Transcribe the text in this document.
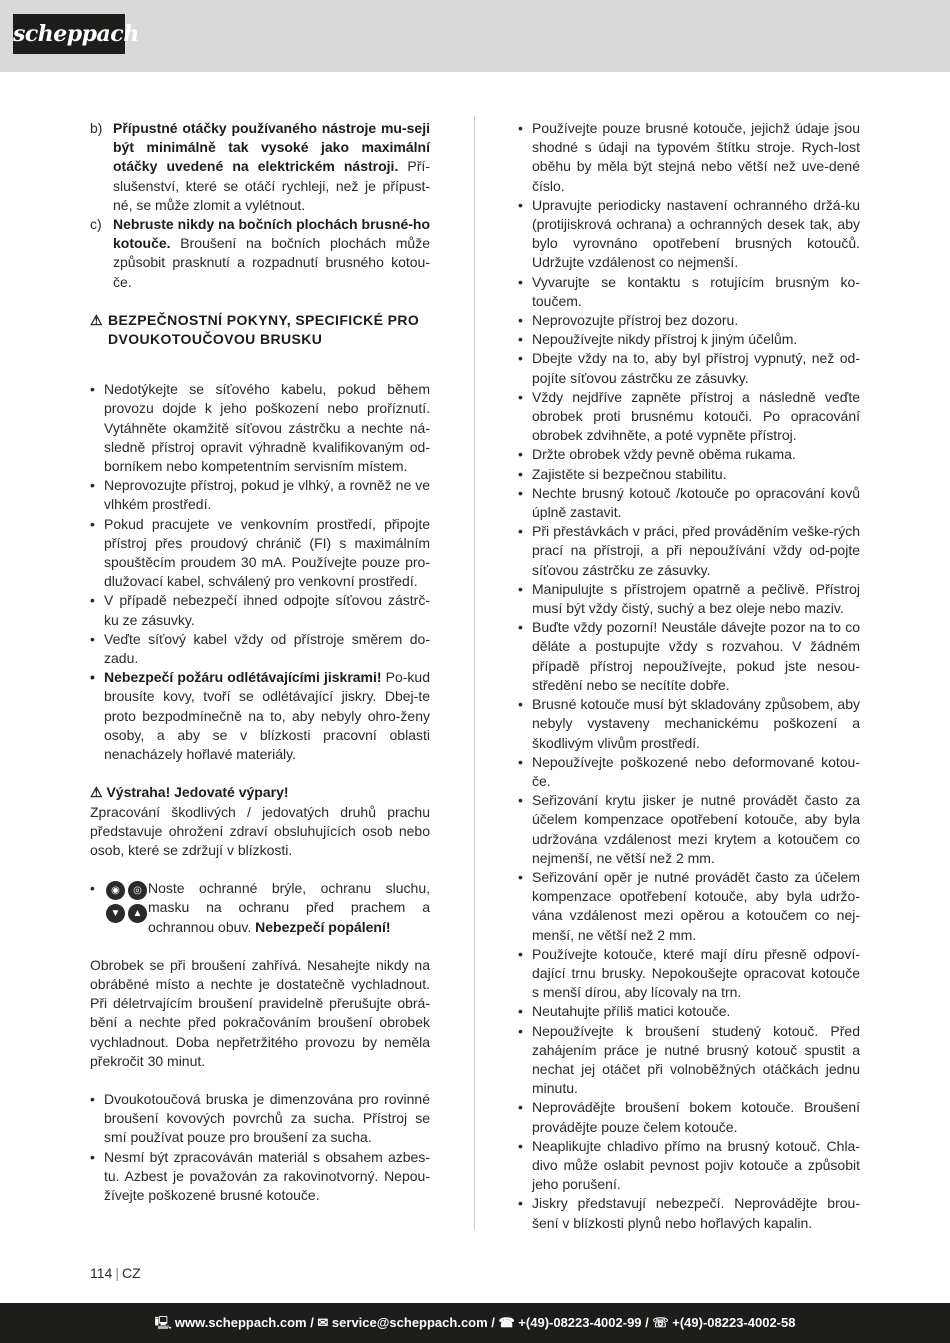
scheppach

b) Přípustné otáčky používaného nástroje mu-seji být minimálně tak vysoké jako maximální otáčky uvedené na elektrickém nástroji. Pří-slušenství, které se otáčí rychleji, než je přípust-né, se může zlomit a vylétnout.

c) Nebruste nikdy na bočních plochách brusné-ho kotouče. Broušení na bočních plochách může způsobit prasknutí a rozpadnutí brusného kotou-če.

⚠ BEZPEČNOSTNÍ POKYNY, SPECIFICKÉ PRO DVOUKOTOUČOVOU BRUSKU

• Nedotýkejte se síťového kabelu, pokud během provozu dojde k jeho poškození nebo proříznutí. Vytáhněte okamžitě síťovou zástrčku a nechte ná-sledně přístroj opravit výhradně kvalifikovaným od-borníkem nebo kompetentním servisním místem.

• Neprovozujte přístroj, pokud je vlhký, a rovněž ne ve vlhkém prostředí.

• Pokud pracujete ve venkovním prostředí, připojte přístroj přes proudový chránič (FI) s maximálním spouštěcím proudem 30 mA. Používejte pouze pro-dlužovací kabel, schválený pro venkovní prostředí.

• V případě nebezpečí ihned odpojte síťovou zástrč-ku ze zásuvky.

• Veďte síťový kabel vždy od přístroje směrem do-zadu.

• Nebezpečí požáru odlétávajícími jiskrami! Po-kud brousíte kovy, tvoří se odlétávající jiskry. Dbej-te proto bezpodmínečně na to, aby nebyly ohro-ženy osoby, a aby se v blízkosti pracovní oblasti nenacházely hořlavé materiály.

⚠ Výstraha! Jedovaté výpary!

Zpracování škodlivých / jedovatých druhů prachu představuje ohrožení zdraví obsluhujících osob nebo osob, které se zdržují v blízkosti.

•	◉	◎
▼	▲
Noste ochranné brýle, ochranu sluchu, masku na ochranu před prachem a ochrannou obuv. Nebezpečí popálení!

Obrobek se při broušení zahřívá. Nesahejte nikdy na obráběné místo a nechte je dostatečně vychladnout. Při déletrvajícím broušení pravidelně přerušujte obrá-bění a nechte před pokračováním broušení obrobek vychladnout. Doba nepřetržitého provozu by neměla překročit 30 minut.

• Dvoukotoučová bruska je dimenzována pro rovinné broušení kovových povrchů za sucha. Přístroj se smí používat pouze pro broušení za sucha.

• Nesmí být zpracováván materiál s obsahem azbes-tu. Azbest je považován za rakovinotvorný. Nepou-žívejte poškozené brusné kotouče.

• Používejte pouze brusné kotouče, jejichž údaje jsou shodné s údaji na typovém štítku stroje. Rych-lost oběhu by měla být stejná nebo větší než uve-dené číslo.

• Upravujte periodicky nastavení ochranného držá-ku (protijiskrová ochrana) a ochranných desek tak, aby bylo vyrovnáno opotřebení brusných kotoučů. Udržujte vzdálenost co nejmenší.

• Vyvarujte se kontaktu s rotujícím brusným ko-toučem.

• Neprovozujte přístroj bez dozoru.

• Nepoužívejte nikdy přístroj k jiným účelům.

• Dbejte vždy na to, aby byl přístroj vypnutý, než od-pojíte síťovou zástrčku ze zásuvky.

• Vždy nejdříve zapněte přístroj a následně veďte obrobek proti brusnému kotouči. Po opracování obrobek zdvihněte, a poté vypněte přístroj.

• Držte obrobek vždy pevně oběma rukama.

• Zajistěte si bezpečnou stabilitu.

• Nechte brusný kotouč /kotouče po opracování kovů úplně zastavit.

• Při přestávkách v práci, před prováděním veške-rých prací na přístroji, a při nepoužívání vždy od-pojte síťovou zástrčku ze zásuvky.

• Manipulujte s přístrojem opatrně a pečlivě. Přístroj musí být vždy čistý, suchý a bez oleje nebo maziv.

• Buďte vždy pozorní! Neustále dávejte pozor na to co děláte a postupujte vždy s rozvahou. V žádném případě přístroj nepoužívejte, pokud jste nesou-středění nebo se necítíte dobře.

• Brusné kotouče musí být skladovány způsobem, aby nebyly vystaveny mechanickému poškození a škodlivým vlivům prostředí.

• Nepoužívejte poškozené nebo deformované kotou-če.

• Seřizování krytu jisker je nutné provádět často za účelem kompenzace opotřebení kotouče, aby byla udržována vzdálenost mezi krytem a kotoučem co nejmenší, ne větší než 2 mm.

• Seřizování opěr je nutné provádět často za účelem kompenzace opotřebení kotouče, aby byla udržo-vána vzdálenost mezi opěrou a kotoučem co nej-menší, ne větší než 2 mm.

• Používejte kotouče, které mají díru přesně odpoví-dající trnu brusky. Nepokoušejte opracovat kotouče s menší dírou, aby lícovaly na trn.

• Neutahujte příliš matici kotouče.

• Nepoužívejte k broušení studený kotouč. Před zahájením práce je nutné brusný kotouč spustit a nechat jej otáčet při volnoběžných otáčkách jednu minutu.

• Neprovádějte broušení bokem kotouče. Broušení provádějte pouze čelem kotouče.

• Neaplikujte chladivo přímo na brusný kotouč. Chla-divo může oslabit pevnost pojiv kotouče a způsobit jeho porušení.

• Jiskry představují nebezpečí. Neprovádějte brou-šení v blízkosti plynů nebo hořlavých kapalin.

114 | CZ
🖳 www.scheppach.com / ✉ service@scheppach.com / ☎ +(49)-08223-4002-99 / ☏ +(49)-08223-4002-58
